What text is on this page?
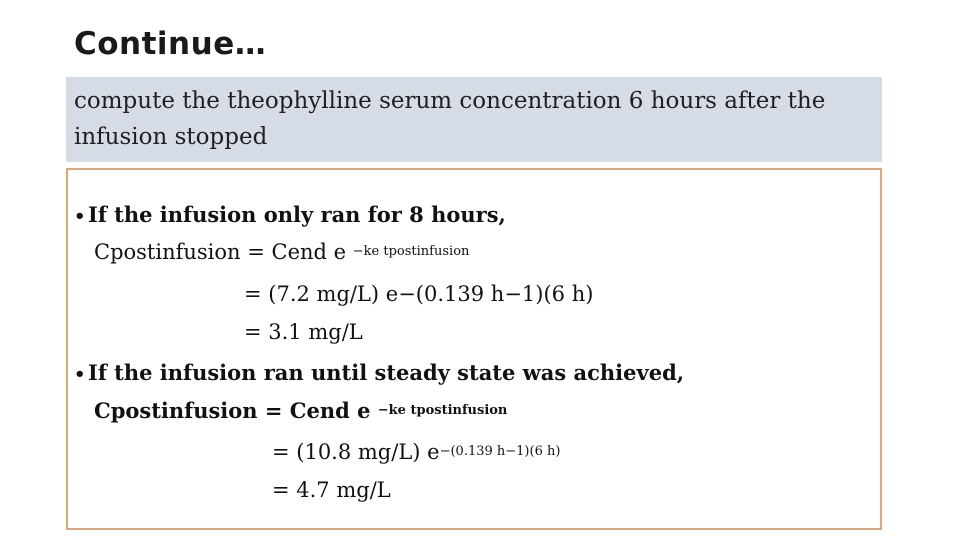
Continue…
compute the theophylline serum concentration 6 hours after the infusion stopped
• If the infusion only ran for 8 hours,
Cpostinfusion = Cend e $^{-ke tpostinfusion}$
= (7.2 mg/L) e−(0.139 h−1)(6 h)
= 3.1 mg/L
• If the infusion ran until steady state was achieved,
Cpostinfusion = Cend e $^{-ke tpostinfusion}$
= (10.8 mg/L) $e^{-(0.139 h-1)(6 h)}$
= 4.7 mg/L
